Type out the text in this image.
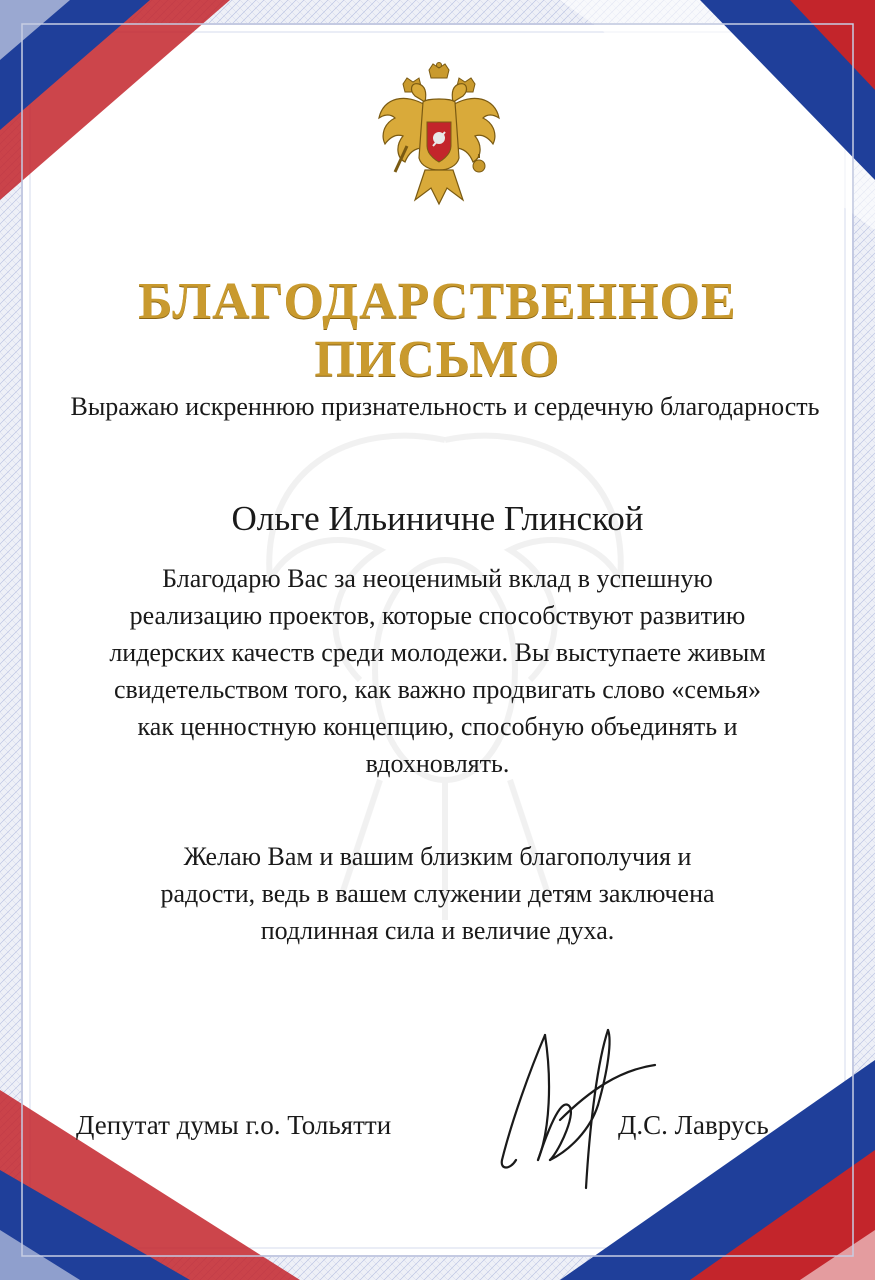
БЛАГОДАРСТВЕННОЕ
ПИСЬМО

Выражаю искреннюю признательность и сердечную благодарность

Ольге Ильиничне Глинской

Благодарю Вас за неоценимый вклад в успешную реализацию проектов, которые способствуют развитию лидерских качеств среди молодежи. Вы выступаете живым свидетельством того, как важно продвигать слово «семья» как ценностную концепцию, способную объединять и вдохновлять.

Желаю Вам и вашим близким благополучия и радости, ведь в вашем служении детям заключена подлинная сила и величие духа.

Депутат думы г.о. Тольятти	Д.С. Лаврусь
